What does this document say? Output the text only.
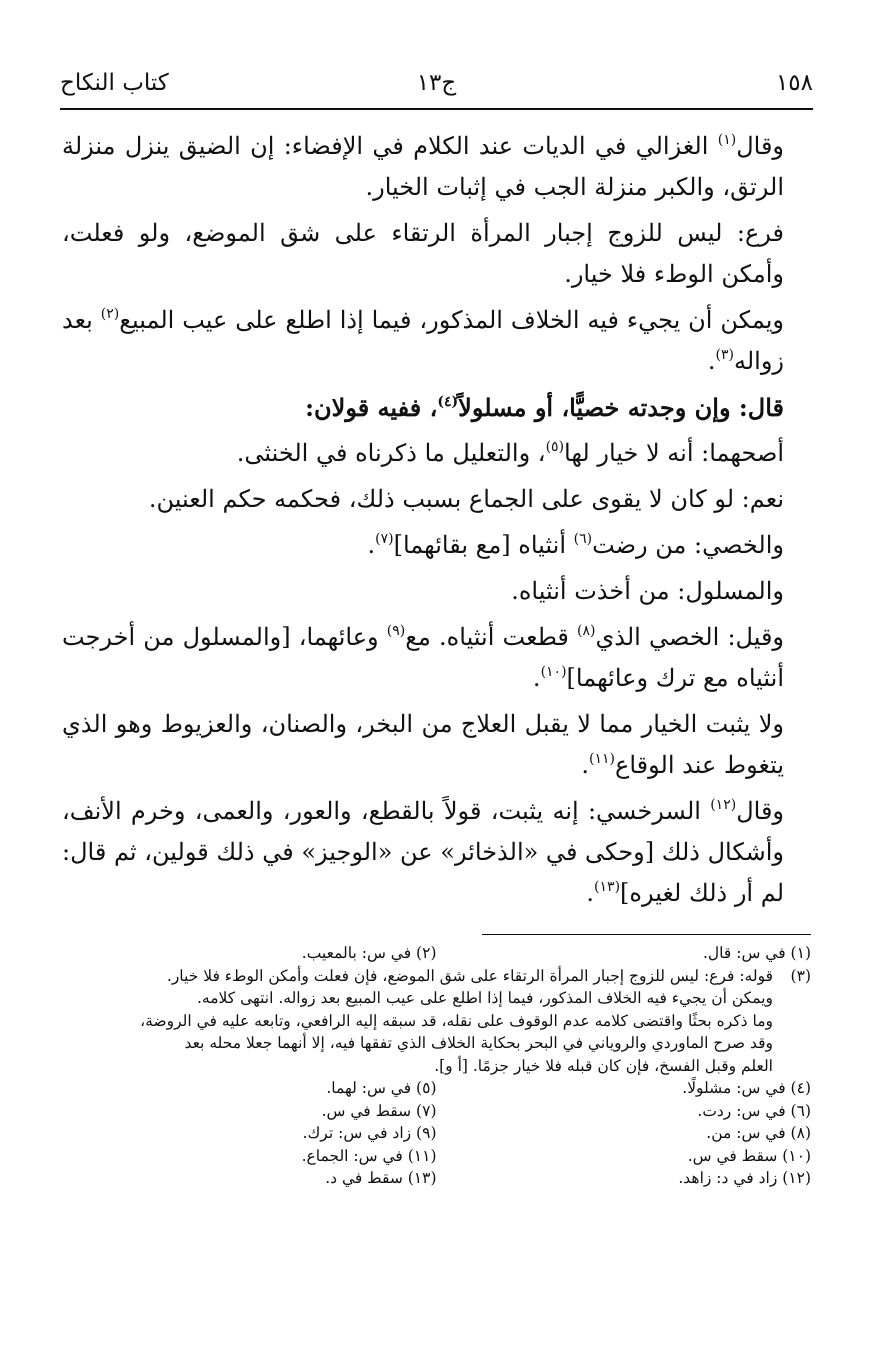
١٥٨
ج١٣
كتاب النكاح

وقال$^{(١)}$ الغزالي في الديات عند الكلام في الإفضاء: إن الضيق ينزل منزلة الرتق، والكبر منزلة الجب في إثبات الخيار.

فرع: ليس للزوج إجبار المرأة الرتقاء على شق الموضع، ولو فعلت، وأمكن الوطء فلا خيار.

ويمكن أن يجيء فيه الخلاف المذكور، فيما إذا اطلع على عيب المبيع$^{(٢)}$ بعد زواله$^{(٣)}$.

قال: وإن وجدته خصيًّا، أو مسلولاً$^{(٤)}$، ففيه قولان:

أصحهما: أنه لا خيار لها$^{(٥)}$، والتعليل ما ذكرناه في الخنثى.

نعم: لو كان لا يقوى على الجماع بسبب ذلك، فحكمه حكم العنين.

والخصي: من رضت$^{(٦)}$ أنثياه [مع بقائهما]$^{(٧)}$.

والمسلول: من أخذت أنثياه.

وقيل: الخصي الذي$^{(٨)}$ قطعت أنثياه. مع$^{(٩)}$ وعائهما، [والمسلول من أخرجت أنثياه مع ترك وعائهما]$^{(١٠)}$.

ولا يثبت الخيار مما لا يقبل العلاج من البخر، والصنان، والعزيوط وهو الذي يتغوط عند الوقاع$^{(١١)}$.

وقال$^{(١٢)}$ السرخسي: إنه يثبت، قولاً بالقطع، والعور، والعمى، وخرم الأنف، وأشكال ذلك [وحكى في «الذخائر» عن «الوجيز» في ذلك قولين، ثم قال: لم أر ذلك لغيره]$^{(١٣)}$.

(١) في س: قال.
(٢) في س: بالمعيب.
(٣)
قوله: فرع: ليس للزوج إجبار المرأة الرتقاء على شق الموضع، فإن فعلت وأمكن الوطء فلا خيار.
ويمكن أن يجيء فيه الخلاف المذكور، فيما إذا اطلع على عيب المبيع بعد زواله. انتهى كلامه.
وما ذكره بحثًا واقتضى كلامه عدم الوقوف على نقله، قد سبقه إليه الرافعي، وتابعه عليه في الروضة،
وقد صرح الماوردي والروياني في البحر بحكاية الخلاف الذي تفقها فيه، إلا أنهما جعلا محله بعد
العلم وقبل الفسخ، فإن كان قبله فلا خيار جزمًا. [أ و].
(٤) في س: مشلولًا.
(٥) في س: لهما.
(٦) في س: ردت.
(٧) سقط في س.
(٨) في س: من.
(٩) زاد في س: ترك.
(١٠) سقط في س.
(١١) في س: الجماع.
(١٢) زاد في د: زاهد.
(١٣) سقط في د.
